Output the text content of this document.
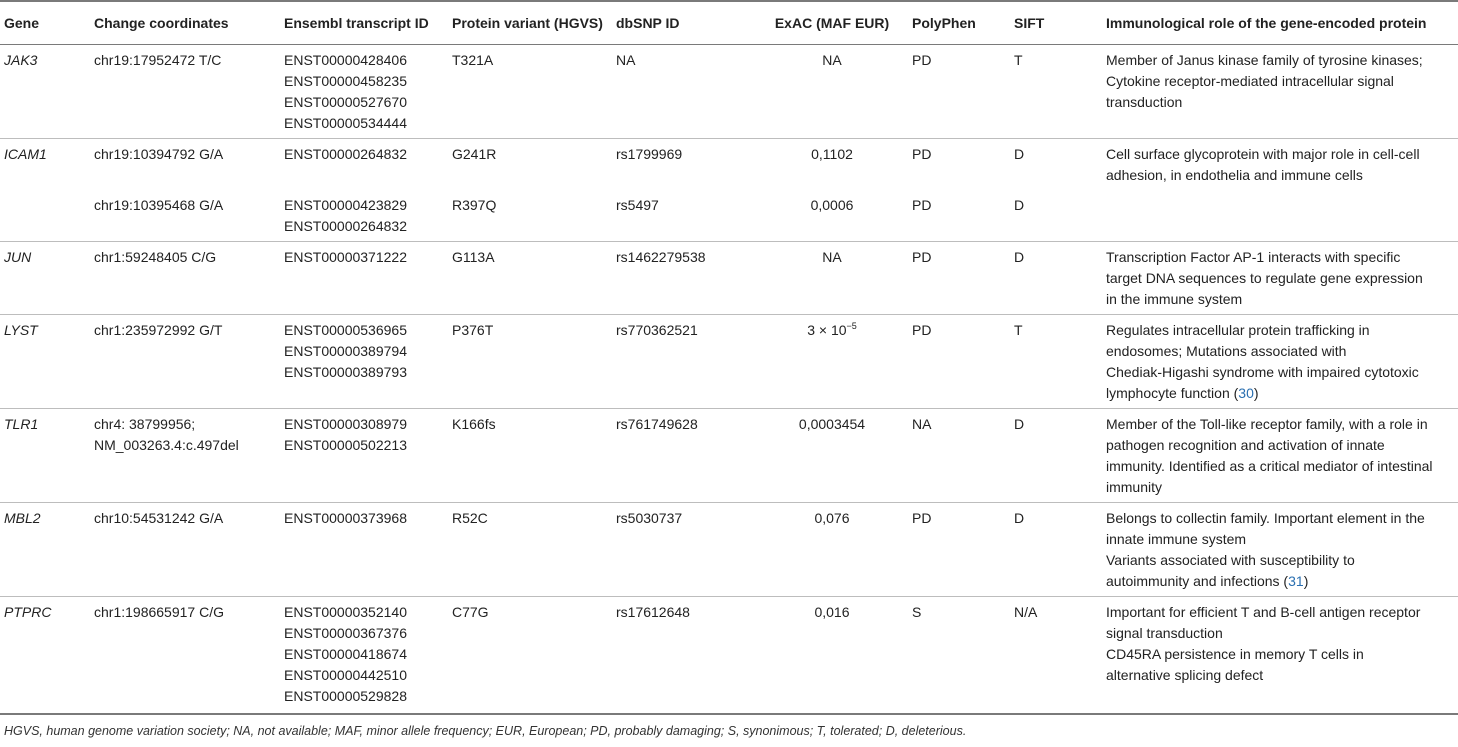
Gene	Change coordinates	Ensembl transcript ID	Protein variant (HGVS)	dbSNP ID	ExAC (MAF EUR)	PolyPhen	SIFT	Immunological role of the gene-encoded protein
JAK3	chr19:17952472 T/C	ENST00000428406
ENST00000458235
ENST00000527670
ENST00000534444	T321A	NA	NA	PD	T	Member of Janus kinase family of tyrosine kinases;
Cytokine receptor-mediated intracellular signal
transduction

ICAM1	chr19:10394792 G/A	ENST00000264832	G241R	rs1799969	0,1102	PD	D	Cell surface glycoprotein with major role in cell-cell
adhesion, in endothelia and immune cells

	chr19:10395468 G/A	ENST00000423829
ENST00000264832	R397Q	rs5497	0,0006	PD	D	
JUN	chr1:59248405 C/G	ENST00000371222	G113A	rs1462279538	NA	PD	D	Transcription Factor AP-1 interacts with specific
target DNA sequences to regulate gene expression
in the immune system

LYST	chr1:235972992 G/T	ENST00000536965
ENST00000389794
ENST00000389793	P376T	rs770362521	$3 \times 10^{-5}$	PD	T	Regulates intracellular protein trafficking in
endosomes; Mutations associated with
Chediak-Higashi syndrome with impaired cytotoxic
lymphocyte function (30)

TLR1	chr4: 38799956;
NM_003263.4:c.497del	ENST00000308979
ENST00000502213	K166fs	rs761749628	0,0003454	NA	D	Member of the Toll-like receptor family, with a role in
pathogen recognition and activation of innate
immunity. Identified as a critical mediator of intestinal
immunity

MBL2	chr10:54531242 G/A	ENST00000373968	R52C	rs5030737	0,076	PD	D	Belongs to collectin family. Important element in the
innate immune system
Variants associated with susceptibility to
autoimmunity and infections (31)

PTPRC	chr1:198665917 C/G	ENST00000352140
ENST00000367376
ENST00000418674
ENST00000442510
ENST00000529828	C77G	rs17612648	0,016	S	N/A	Important for efficient T and B-cell antigen receptor
signal transduction
CD45RA persistence in memory T cells in
alternative splicing defect
HGVS, human genome variation society; NA, not available; MAF, minor allele frequency; EUR, European; PD, probably damaging; S, synonimous; T, tolerated; D, deleterious.
